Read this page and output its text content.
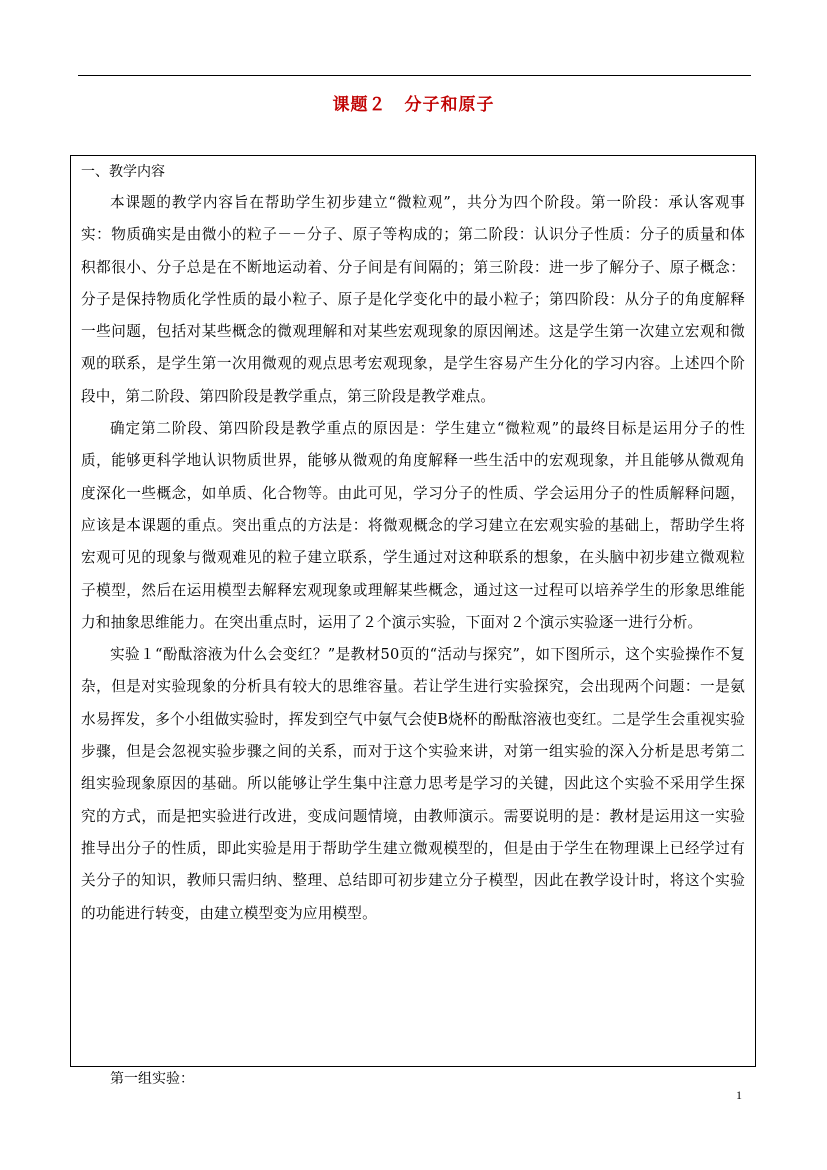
课题２　分子和原子
一、教学内容

本课题的教学内容旨在帮助学生初步建立“微粒观”，共分为四个阶段。第一阶段：承认客观事实：物质确实是由微小的粒子－－分子、原子等构成的；第二阶段：认识分子性质：分子的质量和体积都很小、分子总是在不断地运动着、分子间是有间隔的；第三阶段：进一步了解分子、原子概念：分子是保持物质化学性质的最小粒子、原子是化学变化中的最小粒子；第四阶段：从分子的角度解释一些问题，包括对某些概念的微观理解和对某些宏观现象的原因阐述。这是学生第一次建立宏观和微观的联系，是学生第一次用微观的观点思考宏观现象，是学生容易产生分化的学习内容。上述四个阶段中，第二阶段、第四阶段是教学重点，第三阶段是教学难点。

确定第二阶段、第四阶段是教学重点的原因是：学生建立“微粒观”的最终目标是运用分子的性质，能够更科学地认识物质世界，能够从微观的角度解释一些生活中的宏观现象，并且能够从微观角度深化一些概念，如单质、化合物等。由此可见，学习分子的性质、学会运用分子的性质解释问题，应该是本课题的重点。突出重点的方法是：将微观概念的学习建立在宏观实验的基础上，帮助学生将宏观可见的现象与微观难见的粒子建立联系，学生通过对这种联系的想象，在头脑中初步建立微观粒子模型，然后在运用模型去解释宏观现象或理解某些概念，通过这一过程可以培养学生的形象思维能力和抽象思维能力。在突出重点时，运用了２个演示实验，下面对２个演示实验逐一进行分析。

实验１“酚酞溶液为什么会变红？”是教材50页的“活动与探究”，如下图所示，这个实验操作不复杂，但是对实验现象的分析具有较大的思维容量。若让学生进行实验探究，会出现两个问题：一是氨水易挥发，多个小组做实验时，挥发到空气中氨气会使B烧杯的酚酞溶液也变红。二是学生会重视实验步骤，但是会忽视实验步骤之间的关系，而对于这个实验来讲，对第一组实验的深入分析是思考第二组实验现象原因的基础。所以能够让学生集中注意力思考是学习的关键，因此这个实验不采用学生探究的方式，而是把实验进行改进，变成问题情境，由教师演示。需要说明的是：教材是运用这一实验推导出分子的性质，即此实验是用于帮助学生建立微观模型的，但是由于学生在物理课上已经学过有关分子的知识，教师只需归纳、整理、总结即可初步建立分子模型，因此在教学设计时，将这个实验的功能进行转变，由建立模型变为应用模型。

第一组实验：
1
